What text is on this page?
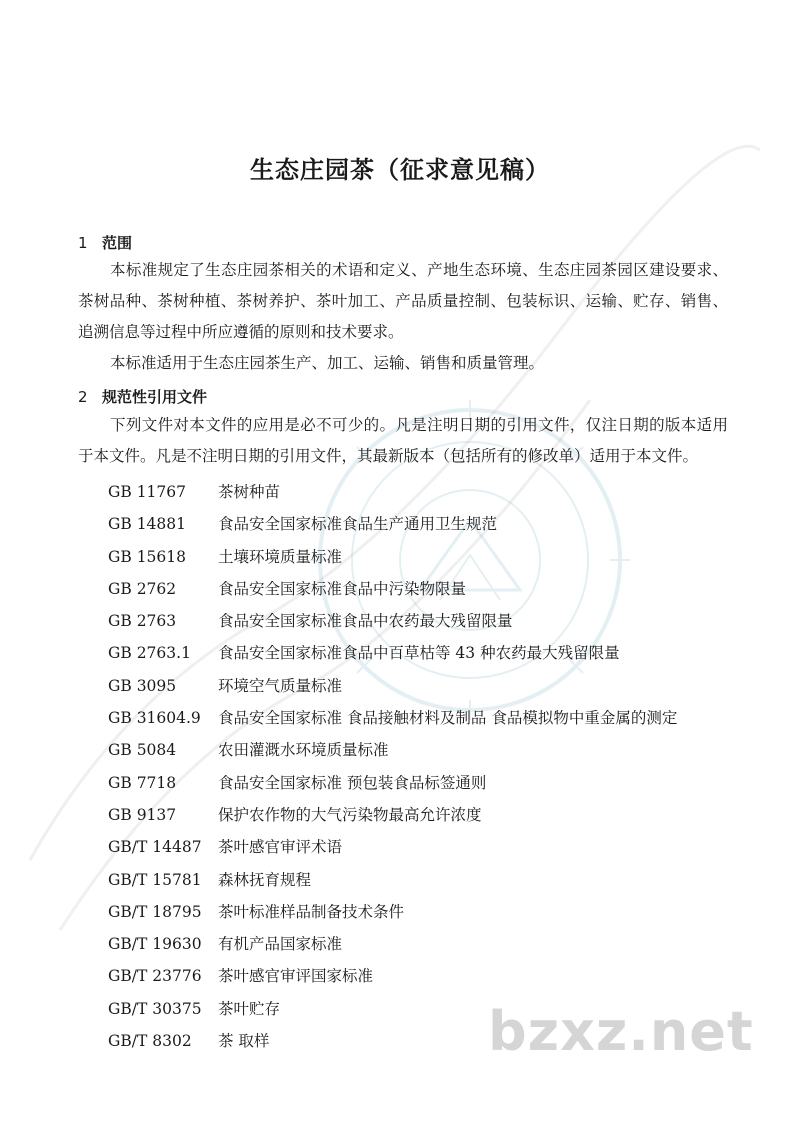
生态庄园茶（征求意见稿）
1 范围
本标准规定了生态庄园茶相关的术语和定义、产地生态环境、生态庄园茶园区建设要求、茶树品种、茶树种植、茶树养护、茶叶加工、产品质量控制、包装标识、运输、贮存、销售、追溯信息等过程中所应遵循的原则和技术要求。
本标准适用于生态庄园茶生产、加工、运输、销售和质量管理。
2 规范性引用文件
下列文件对本文件的应用是必不可少的。凡是注明日期的引用文件，仅注日期的版本适用于本文件。凡是不注明日期的引用文件，其最新版本（包括所有的修改单）适用于本文件。
GB 11767 茶树种苗
GB 14881 食品安全国家标准食品生产通用卫生规范
GB 15618 土壤环境质量标准
GB 2762	食品安全国家标准食品中污染物限量
GB 2763	食品安全国家标准食品中农药最大残留限量
GB 2763.1 食品安全国家标准食品中百草枯等 43 种农药最大残留限量
GB 3095	环境空气质量标准
GB 31604.9 食品安全国家标准 食品接触材料及制品 食品模拟物中重金属的测定
GB 5084	农田灌溉水环境质量标准
GB 7718	食品安全国家标准 预包装食品标签通则
GB 9137	保护农作物的大气污染物最高允许浓度
GB/T 14487 茶叶感官审评术语
GB/T 15781 森林抚育规程
GB/T 18795 茶叶标准样品制备技术条件
GB/T 19630 有机产品国家标准
GB/T 23776 茶叶感官审评国家标准
GB/T 30375 茶叶贮存
GB/T 8302 茶 取样	bzxz.net
